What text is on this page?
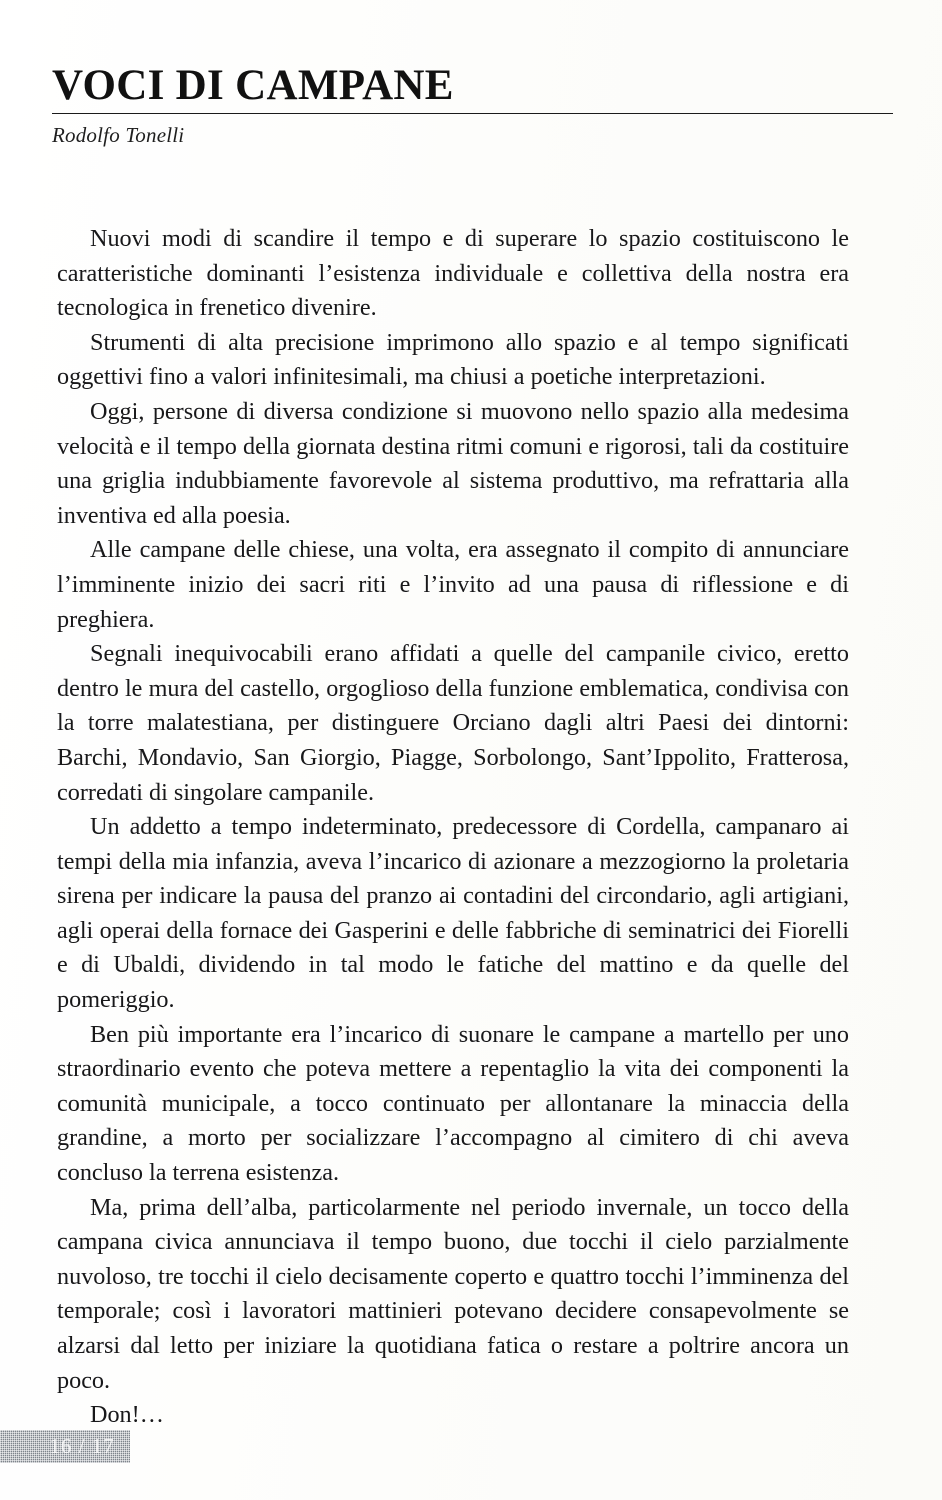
VOCI DI CAMPANE
Rodolfo Tonelli

Nuovi modi di scandire il tempo e di superare lo spazio costituiscono le caratteristiche dominanti l’esistenza individuale e collettiva della nostra era tecnologica in frenetico divenire.

Strumenti di alta precisione imprimono allo spazio e al tempo significati oggettivi fino a valori infinitesimali, ma chiusi a poetiche interpretazioni.

Oggi, persone di diversa condizione si muovono nello spazio alla medesima velocità e il tempo della giornata destina ritmi comuni e rigorosi, tali da costituire una griglia indubbiamente favorevole al sistema produttivo, ma refrattaria alla inventiva ed alla poesia.

Alle campane delle chiese, una volta, era assegnato il compito di annunciare l’imminente inizio dei sacri riti e l’invito ad una pausa di riflessione e di preghiera.

Segnali inequivocabili erano affidati a quelle del campanile civico, eretto dentro le mura del castello, orgoglioso della funzione emblematica, condivisa con la torre malatestiana, per distinguere Orciano dagli altri Paesi dei dintorni: Barchi, Mondavio, San Giorgio, Piagge, Sorbolongo, Sant’Ippolito, Fratterosa, corredati di singolare campanile.

Un addetto a tempo indeterminato, predecessore di Cordella, campanaro ai tempi della mia infanzia, aveva l’incarico di azionare a mezzogiorno la proletaria sirena per indicare la pausa del pranzo ai contadini del circondario, agli artigiani, agli operai della fornace dei Gasperini e delle fabbriche di seminatrici dei Fiorelli e di Ubaldi, dividendo in tal modo le fatiche del mattino e da quelle del pomeriggio.

Ben più importante era l’incarico di suonare le campane a martello per uno straordinario evento che poteva mettere a repentaglio la vita dei componenti la comunità municipale, a tocco continuato per allontanare la minaccia della grandine, a morto per socializzare l’accompagno al cimitero di chi aveva concluso la terrena esistenza.

Ma, prima dell’alba, particolarmente nel periodo invernale, un tocco della campana civica annunciava il tempo buono, due tocchi il cielo parzialmente nuvoloso, tre tocchi il cielo decisamente coperto e quattro tocchi l’imminenza del temporale; così i lavoratori mattinieri potevano decidere consapevolmente se alzarsi dal letto per iniziare la quotidiana fatica o restare a poltrire ancora un poco.

Don!…

16 / 17
